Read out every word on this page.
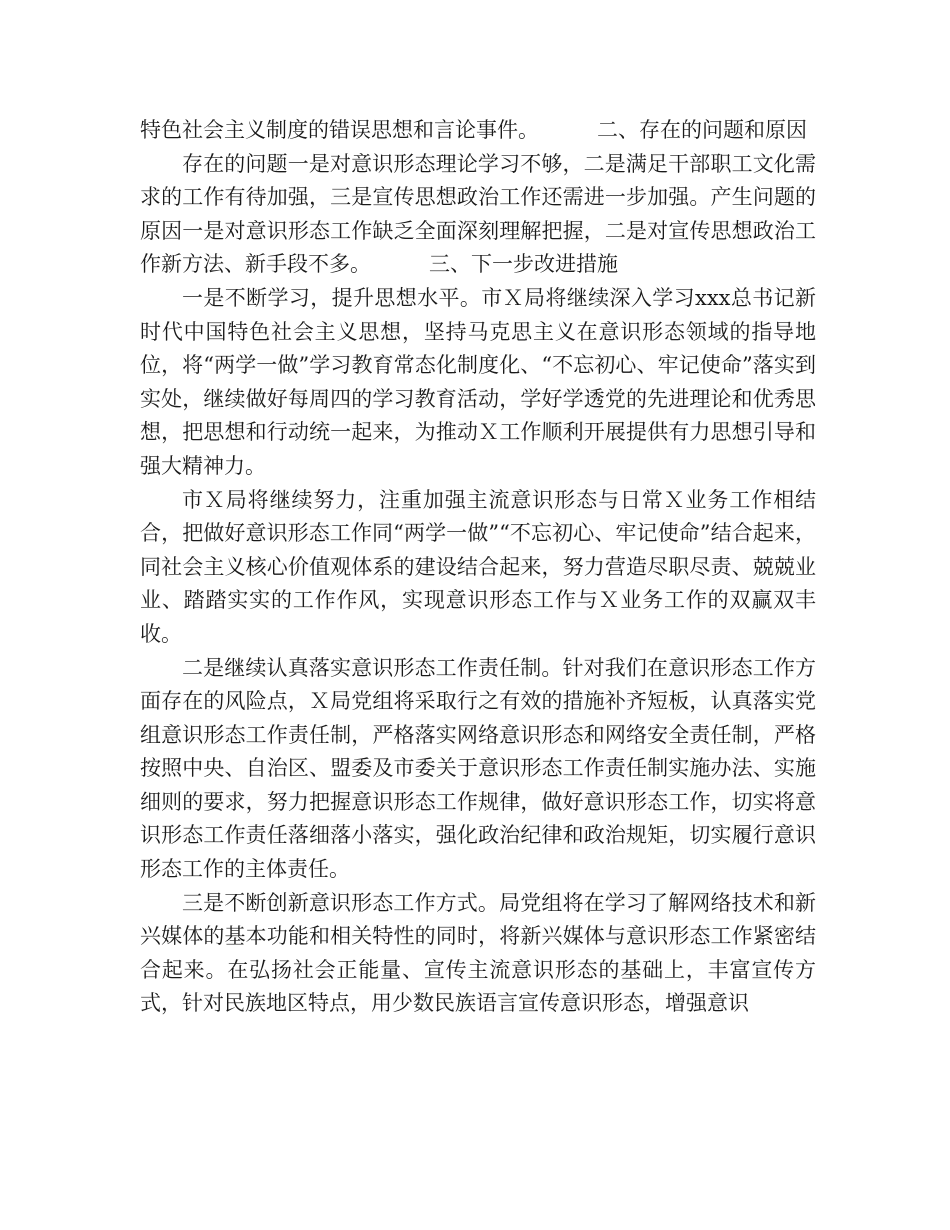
特色社会主义制度的错误思想和言论事件。	二、存在的问题和原因

存在的问题一是对意识形态理论学习不够，二是满足干部职工文化需求的工作有待加强，三是宣传思想政治工作还需进一步加强。产生问题的原因一是对意识形态工作缺乏全面深刻理解把握，二是对宣传思想政治工作新方法、新手段不多。	三、下一步改进措施

一是不断学习，提升思想水平。市Ｘ局将继续深入学习xxx总书记新时代中国特色社会主义思想，坚持马克思主义在意识形态领域的指导地位，将“两学一做”学习教育常态化制度化、“不忘初心、牢记使命”落实到实处，继续做好每周四的学习教育活动，学好学透党的先进理论和优秀思想，把思想和行动统一起来，为推动Ｘ工作顺利开展提供有力思想引导和强大精神力。

市Ｘ局将继续努力，注重加强主流意识形态与日常Ｘ业务工作相结合，把做好意识形态工作同“两学一做”“不忘初心、牢记使命”结合起来，同社会主义核心价值观体系的建设结合起来，努力营造尽职尽责、兢兢业业、踏踏实实的工作作风，实现意识形态工作与Ｘ业务工作的双赢双丰收。

二是继续认真落实意识形态工作责任制。针对我们在意识形态工作方面存在的风险点，Ｘ局党组将采取行之有效的措施补齐短板，认真落实党组意识形态工作责任制，严格落实网络意识形态和网络安全责任制，严格按照中央、自治区、盟委及市委关于意识形态工作责任制实施办法、实施细则的要求，努力把握意识形态工作规律，做好意识形态工作，切实将意识形态工作责任落细落小落实，强化政治纪律和政治规矩，切实履行意识形态工作的主体责任。

三是不断创新意识形态工作方式。局党组将在学习了解网络技术和新兴媒体的基本功能和相关特性的同时，将新兴媒体与意识形态工作紧密结合起来。在弘扬社会正能量、宣传主流意识形态的基础上，丰富宣传方式，针对民族地区特点，用少数民族语言宣传意识形态，增强意识
